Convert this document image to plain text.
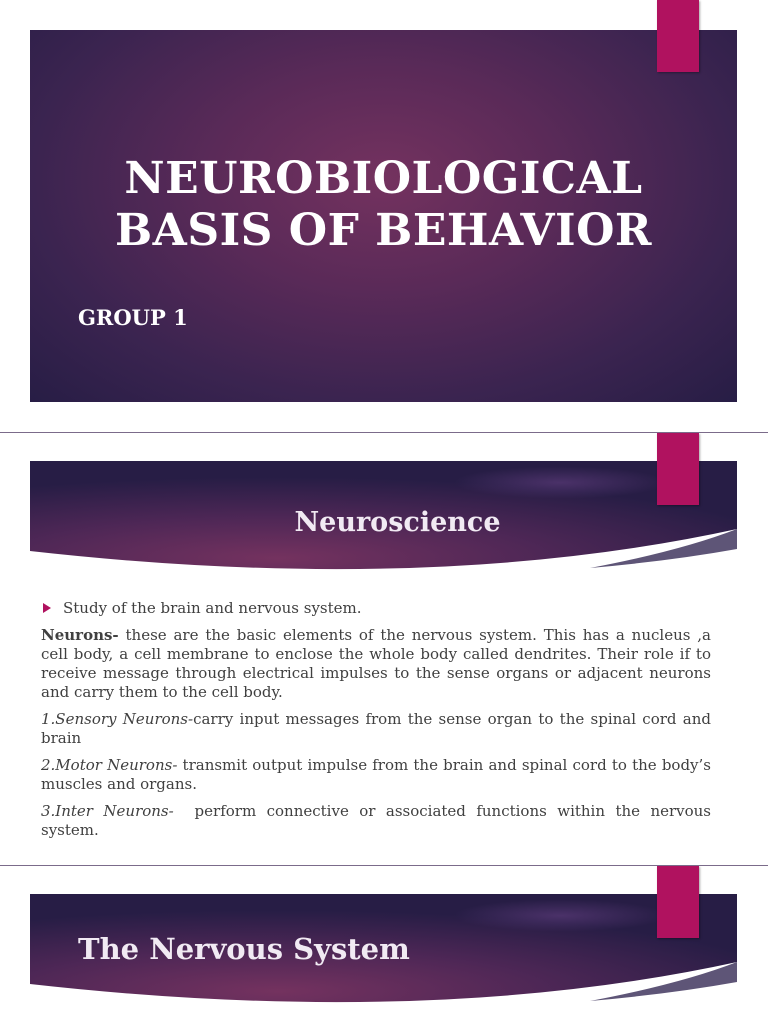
NEUROBIOLOGICAL
BASIS OF BEHAVIOR
GROUP 1
Neuroscience
Study of the brain and nervous system.

Neurons- these are the basic elements of the nervous system. This has a nucleus ,a cell body, a cell membrane to enclose the whole body called dendrites. Their role if to receive message through electrical impulses to the sense organs or adjacent neurons and carry them to the cell body.

1.Sensory Neurons-carry input messages from the sense organ to the spinal cord and brain

2.Motor Neurons- transmit output impulse from the brain and spinal cord to the body’s muscles and organs.

3.Inter Neurons-  perform connective or associated functions within the nervous system.

The Nervous System
